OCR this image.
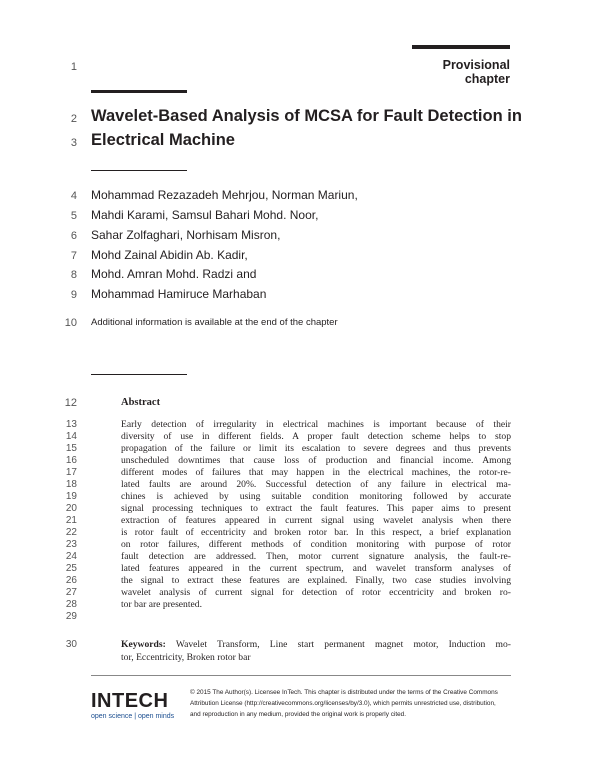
Provisional chapter
1
2
3
4
5
6
7
8
9
10
12
13
14
15
16
17
18
19
20
21
22
23
24
25
26
27
28
29
30
Wavelet-Based Analysis of MCSA for Fault Detection in
Electrical Machine
Mohammad Rezazadeh Mehrjou, Norman Mariun,
Mahdi Karami, Samsul Bahari Mohd. Noor,
Sahar Zolfaghari, Norhisam Misron,
Mohd Zainal Abidin Ab. Kadir,
Mohd. Amran Mohd. Radzi and
Mohammad Hamiruce Marhaban
Additional information is available at the end of the chapter
Abstract
Early detection of irregularity in electrical machines is important because of their
diversity of use in different fields. A proper fault detection scheme helps to stop
propagation of the failure or limit its escalation to severe degrees and thus prevents
unscheduled downtimes that cause loss of production and financial income. Among
different modes of failures that may happen in the electrical machines, the rotor-re-
lated faults are around 20%. Successful detection of any failure in electrical ma-
chines is achieved by using suitable condition monitoring followed by accurate
signal processing techniques to extract the fault features. This paper aims to present
extraction of features appeared in current signal using wavelet analysis when there
is rotor fault of eccentricity and broken rotor bar. In this respect, a brief explanation
on rotor failures, different methods of condition monitoring with purpose of rotor
fault detection are addressed. Then, motor current signature analysis, the fault-re-
lated features appeared in the current spectrum, and wavelet transform analyses of
the signal to extract these features are explained. Finally, two case studies involving
wavelet analysis of current signal for detection of rotor eccentricity and broken ro-
tor bar are presented.
Keywords: Wavelet Transform, Line start permanent magnet motor, Induction mo-
tor, Eccentricity, Broken rotor bar
INTECH
open science | open minds
© 2015 The Author(s). Licensee InTech. This chapter is distributed under the terms of the Creative Commons
Attribution License (http://creativecommons.org/licenses/by/3.0), which permits unrestricted use, distribution,
and reproduction in any medium, provided the original work is properly cited.
